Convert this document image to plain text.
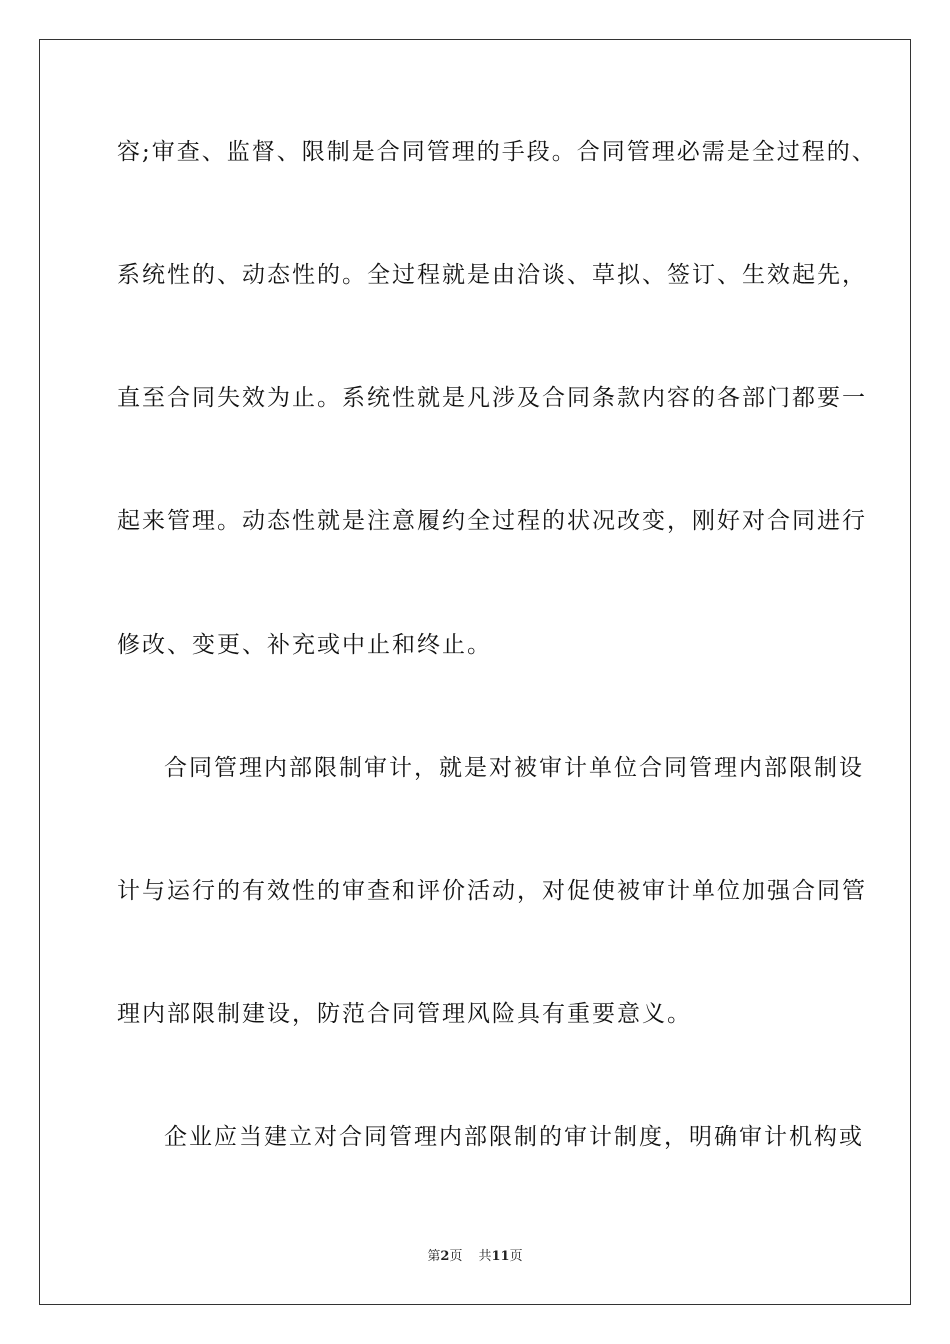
容;审查、监督、限制是合同管理的手段。合同管理必需是全过程的、
系统性的、动态性的。全过程就是由洽谈、草拟、签订、生效起先，
直至合同失效为止。系统性就是凡涉及合同条款内容的各部门都要一
起来管理。动态性就是注意履约全过程的状况改变，刚好对合同进行
修改、变更、补充或中止和终止。
合同管理内部限制审计，就是对被审计单位合同管理内部限制设
计与运行的有效性的审查和评价活动，对促使被审计单位加强合同管
理内部限制建设，防范合同管理风险具有重要意义。
企业应当建立对合同管理内部限制的审计制度，明确审计机构或
第2页 共11页
